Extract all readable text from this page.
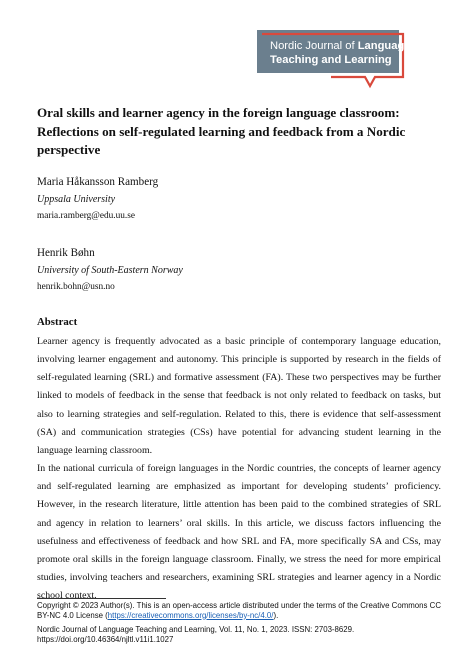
Nordic Journal of Language
Teaching and Learning
Oral skills and learner agency in the foreign language classroom: Reflections on self-regulated learning and feedback from a Nordic perspective
Maria Håkansson Ramberg
Uppsala University
maria.ramberg@edu.uu.se
Henrik Bøhn
University of South-Eastern Norway
henrik.bohn@usn.no
Abstract

Learner agency is frequently advocated as a basic principle of contemporary language education, involving learner engagement and autonomy. This principle is supported by research in the fields of self-regulated learning (SRL) and formative assessment (FA). These two perspectives may be further linked to models of feedback in the sense that feedback is not only related to feedback on tasks, but also to learning strategies and self-regulation. Related to this, there is evidence that self-assessment (SA) and communication strategies (CSs) have potential for advancing student learning in the language learning classroom.

In the national curricula of foreign languages in the Nordic countries, the concepts of learner agency and self-regulated learning are emphasized as important for developing students’ proficiency. However, in the research literature, little attention has been paid to the combined strategies of SRL and agency in relation to learners’ oral skills. In this article, we discuss factors influencing the usefulness and effectiveness of feedback and how SRL and FA, more specifically SA and CSs, may promote oral skills in the foreign language classroom. Finally, we stress the need for more empirical studies, involving teachers and researchers, examining SRL strategies and learner agency in a Nordic school context.

Copyright © 2023 Author(s). This is an open-access article distributed under the terms of the Creative Commons CC BY-NC 4.0 License (https://creativecommons.org/licenses/by-nc/4.0/).
Nordic Journal of Language Teaching and Learning, Vol. 11, No. 1, 2023. ISSN: 2703-8629.
https://doi.org/10.46364/njltl.v11i1.1027
